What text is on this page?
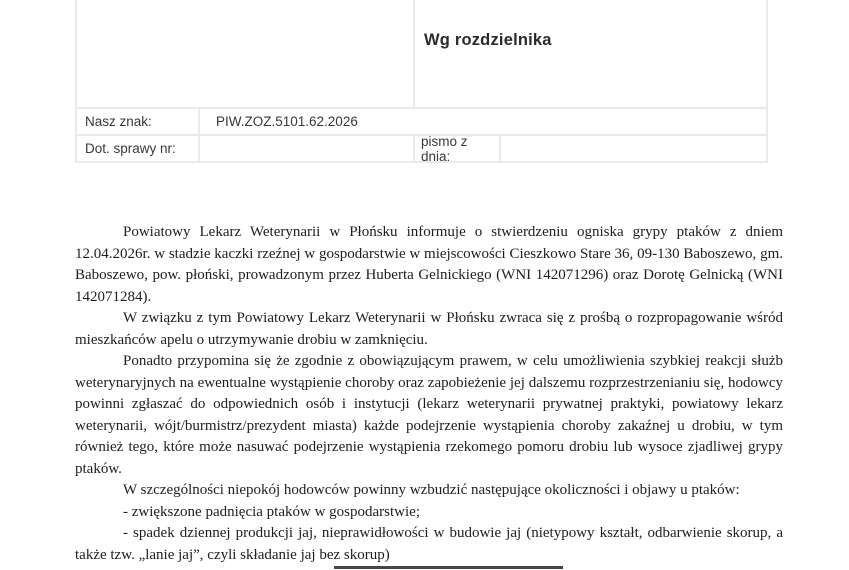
Wg rozdzielnika
Nasz znak:	PIW.ZOZ.5101.62.2026
Dot. sprawy nr:	pismo z dnia:

Powiatowy Lekarz Weterynarii w Płońsku informuje o stwierdzeniu ogniska grypy ptaków z dniem 12.04.2026r. w stadzie kaczki rzeźnej w gospodarstwie w miejscowości Cieszkowo Stare 36, 09-130 Baboszewo, gm. Baboszewo, pow. płoński, prowadzonym przez Huberta Gelnickiego (WNI 142071296) oraz Dorotę Gelnicką (WNI 142071284).

W związku z tym Powiatowy Lekarz Weterynarii w Płońsku zwraca się z prośbą o rozpropagowanie wśród mieszkańców apelu o utrzymywanie drobiu w zamknięciu.

Ponadto przypomina się że zgodnie z obowiązującym prawem, w celu umożliwienia szybkiej reakcji służb weterynaryjnych na ewentualne wystąpienie choroby oraz zapobieżenie jej dalszemu rozprzestrzenianiu się, hodowcy powinni zgłaszać do odpowiednich osób i instytucji (lekarz weterynarii prywatnej praktyki, powiatowy lekarz weterynarii, wójt/burmistrz/prezydent miasta) każde podejrzenie wystąpienia choroby zakaźnej u drobiu, w tym również tego, które może nasuwać podejrzenie wystąpienia rzekomego pomoru drobiu lub wysoce zjadliwej grypy ptaków.

W szczególności niepokój hodowców powinny wzbudzić następujące okoliczności i objawy u ptaków:

- zwiększone padnięcia ptaków w gospodarstwie;

- spadek dziennej produkcji jaj, nieprawidłowości w budowie jaj (nietypowy kształt, odbarwienie skorup, a także tzw. „lanie jaj”, czyli składanie jaj bez skorup)
